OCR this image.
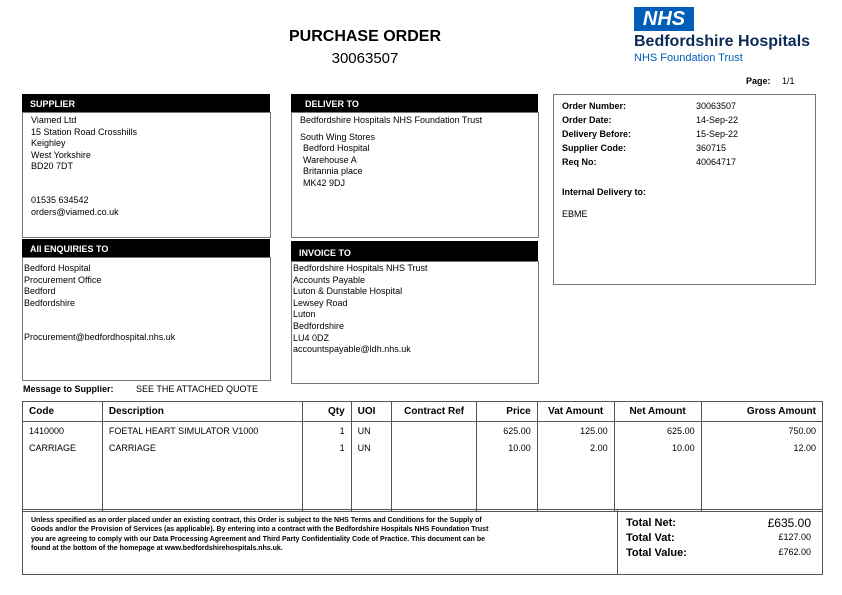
PURCHASE ORDER
30063507
NHS
Bedfordshire Hospitals
NHS Foundation Trust
Page: 1/1
SUPPLIER
Viamed Ltd
15 Station Road Crosshills
Keighley
West Yorkshire
BD20 7DT
01535 634542
orders@viamed.co.uk
DELIVER TO
Bedfordshire Hospitals NHS Foundation Trust
South Wing Stores
Bedford Hospital
Warehouse A
Britannia place
MK42 9DJ
Order Number:	30063507
Order Date:	14-Sep-22
Delivery Before:	15-Sep-22
Supplier Code:	360715
Req No:	40064717
Internal Delivery to:
EBME
All ENQUIRIES TO
Bedford Hospital
Procurement Office
Bedford
Bedfordshire
Procurement@bedfordhospital.nhs.uk
INVOICE TO
Bedfordshire Hospitals NHS Trust
Accounts Payable
Luton & Dunstable Hospital
Lewsey Road
Luton
Bedfordshire
LU4 0DZ
accountspayable@ldh.nhs.uk
Message to Supplier: SEE THE ATTACHED QUOTE
Code	Description	Qty	UOI	Contract Ref	Price	Vat Amount	Net Amount	Gross Amount
1410000	FOETAL HEART SIMULATOR V1000	1	UN		625.00	125.00	625.00	750.00
CARRIAGE	CARRIAGE	1	UN		10.00	2.00	10.00	12.00

Unless specified as an order placed under an existing contract, this Order is subject to the NHS Terms and Conditions for the Supply of Goods and/or the Provision of Services (as applicable). By entering into a contract with the Bedfordshire Hospitals NHS Foundation Trust you are agreeing to comply with our Data Processing Agreement and Third Party Confidentiality Code of Practice. This document can be found at the bottom of the homepage at www.bedfordshirehospitals.nhs.uk.
Total Net:	£635.00
Total Vat:	£127.00
Total Value:	£762.00
